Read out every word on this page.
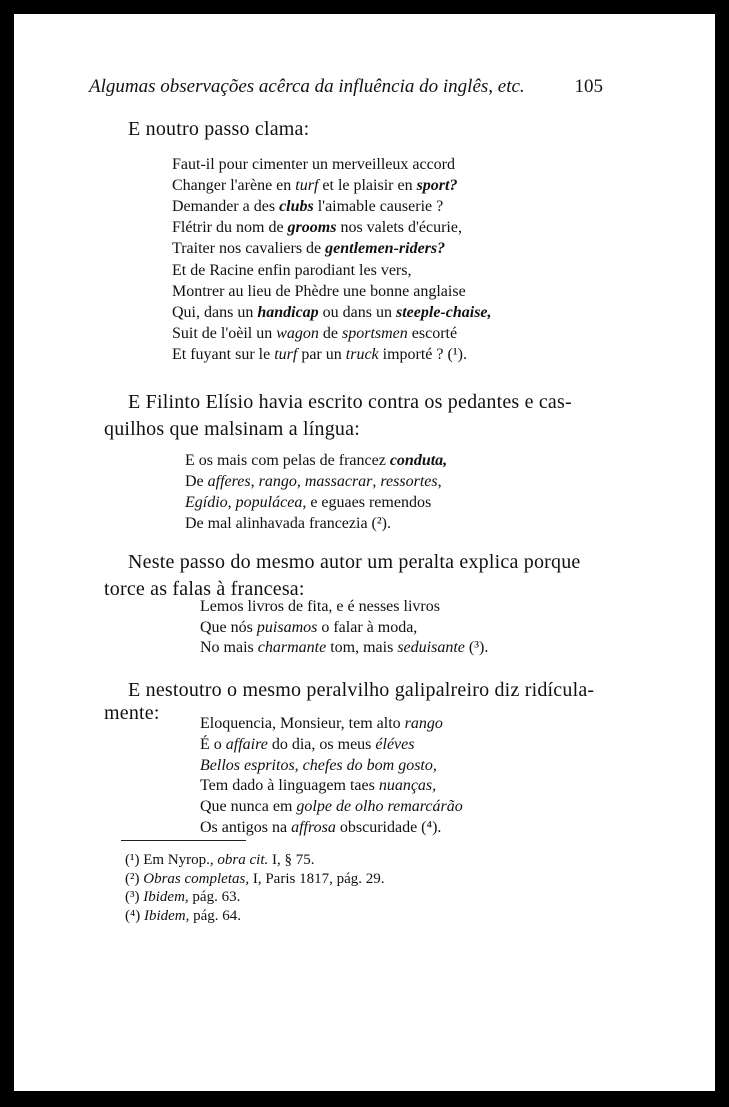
Algumas observações acêrca da influência do inglês, etc.	105
E noutro passo clama:
Faut-il pour cimenter un merveilleux accord
Changer l'arène en turf et le plaisir en sport?
Demander a des clubs l'aimable causerie ?
Flétrir du nom de grooms nos valets d'écurie,
Traiter nos cavaliers de gentlemen-riders?
Et de Racine enfin parodiant les vers,
Montrer au lieu de Phèdre une bonne anglaise
Qui, dans un handicap ou dans un steeple-chaise,
Suit de l'oèil un wagon de sportsmen escorté
Et fuyant sur le turf par un truck importé ? (¹).
E Filinto Elísio havia escrito contra os pedantes e cas-
quilhos que malsinam a língua:
E os mais com pelas de francez conduta,
De afferes, rango, massacrar, ressortes,
Egídio, populácea, e eguaes remendos
De mal alinhavada francezia (²).
Neste passo do mesmo autor um peralta explica porque
torce as falas à francesa:
Lemos livros de fita, e é nesses livros
Que nós puisamos o falar à moda,
No mais charmante tom, mais seduisante (³).
E nestoutro o mesmo peralvilho galipalreiro diz ridícula-
mente:	Eloquencia, Monsieur, tem alto rango
É o affaire do dia, os meus éléves
Bellos espritos, chefes do bom gosto,
Tem dado à linguagem taes nuanças,
Que nunca em golpe de olho remarcárão
Os antigos na affrosa obscuridade (⁴).
(¹) Em Nyrop., obra cit. I, § 75.
(²) Obras completas, I, Paris 1817, pág. 29.
(³) Ibidem, pág. 63.
(⁴) Ibidem, pág. 64.
